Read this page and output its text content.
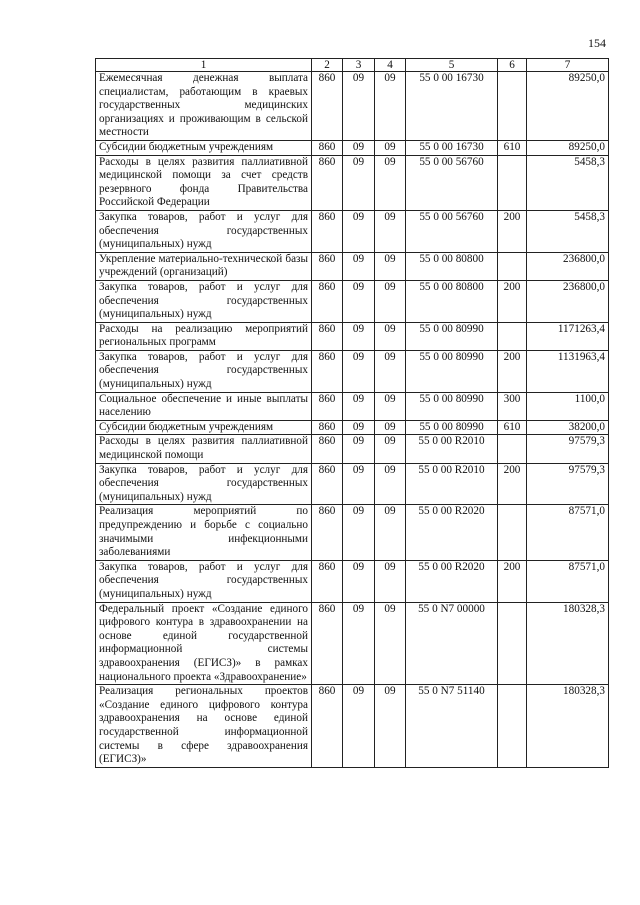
154
1	2	3	4	5	6	7
Ежемесячная денежная выплата специалистам, работающим в краевых государственных медицинских организациях и проживающим в сельской местности	860	09	09	55 0 00 16730		89250,0
Субсидии бюджетным учреждениям	860	09	09	55 0 00 16730	610	89250,0
Расходы в целях развития паллиативной медицинской помощи за счет средств резервного фонда Правительства Российской Федерации	860	09	09	55 0 00 56760		5458,3
Закупка товаров, работ и услуг для обеспечения государственных (муниципальных) нужд	860	09	09	55 0 00 56760	200	5458,3
Укрепление материально-технической базы учреждений (организаций)	860	09	09	55 0 00 80800		236800,0
Закупка товаров, работ и услуг для обеспечения государственных (муниципальных) нужд	860	09	09	55 0 00 80800	200	236800,0
Расходы на реализацию мероприятий региональных программ	860	09	09	55 0 00 80990		1171263,4
Закупка товаров, работ и услуг для обеспечения государственных (муниципальных) нужд	860	09	09	55 0 00 80990	200	1131963,4
Социальное обеспечение и иные выплаты населению	860	09	09	55 0 00 80990	300	1100,0
Субсидии бюджетным учреждениям	860	09	09	55 0 00 80990	610	38200,0
Расходы в целях развития паллиативной медицинской помощи	860	09	09	55 0 00 R2010		97579,3
Закупка товаров, работ и услуг для обеспечения государственных (муниципальных) нужд	860	09	09	55 0 00 R2010	200	97579,3
Реализация мероприятий по предупреждению и борьбе с социально значимыми инфекционными заболеваниями	860	09	09	55 0 00 R2020		87571,0
Закупка товаров, работ и услуг для обеспечения государственных (муниципальных) нужд	860	09	09	55 0 00 R2020	200	87571,0
Федеральный проект «Создание единого цифрового контура в здравоохранении на основе единой государственной информационной системы здравоохранения (ЕГИСЗ)» в рамках национального проекта «Здравоохранение»	860	09	09	55 0 N7 00000		180328,3
Реализация региональных проектов «Создание единого цифрового контура здравоохранения на основе единой государственной информационной системы в сфере здравоохранения (ЕГИСЗ)»	860	09	09	55 0 N7 51140		180328,3
